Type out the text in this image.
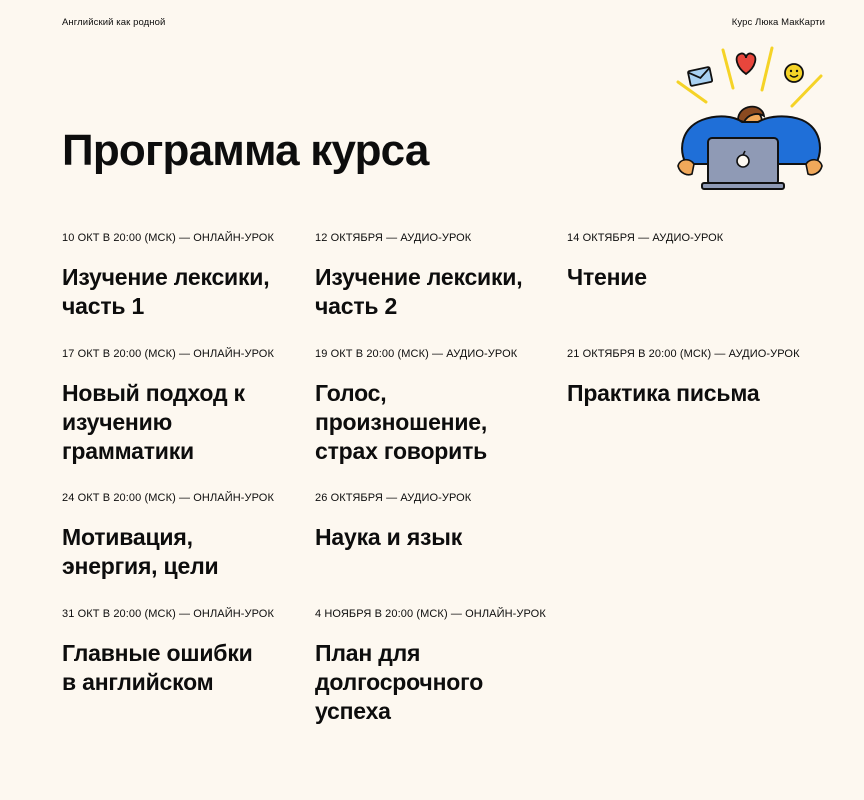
Английский как родной	Курс Люка МакКарти
Программа курса
10 ОКТ В 20:00 (МСК) — ОНЛАЙН-УРОК
Изучение лексики, часть 1
12 ОКТЯБРЯ — АУДИО-УРОК
Изучение лексики, часть 2
14 ОКТЯБРЯ — АУДИО-УРОК
Чтение
17 ОКТ В 20:00 (МСК) — ОНЛАЙН-УРОК
Новый подход к изучению грамматики
19 ОКТ В 20:00 (МСК) — АУДИО-УРОК
Голос, произношение, страх говорить
21 ОКТЯБРЯ В 20:00 (МСК) — АУДИО-УРОК
Практика письма
24 ОКТ В 20:00 (МСК) — ОНЛАЙН-УРОК
Мотивация, энергия, цели
26 ОКТЯБРЯ — АУДИО-УРОК
Наука и язык
31 ОКТ В 20:00 (МСК) — ОНЛАЙН-УРОК
Главные ошибки в английском
4 НОЯБРЯ В 20:00 (МСК) — ОНЛАЙН-УРОК
План для долгосрочного успеха
